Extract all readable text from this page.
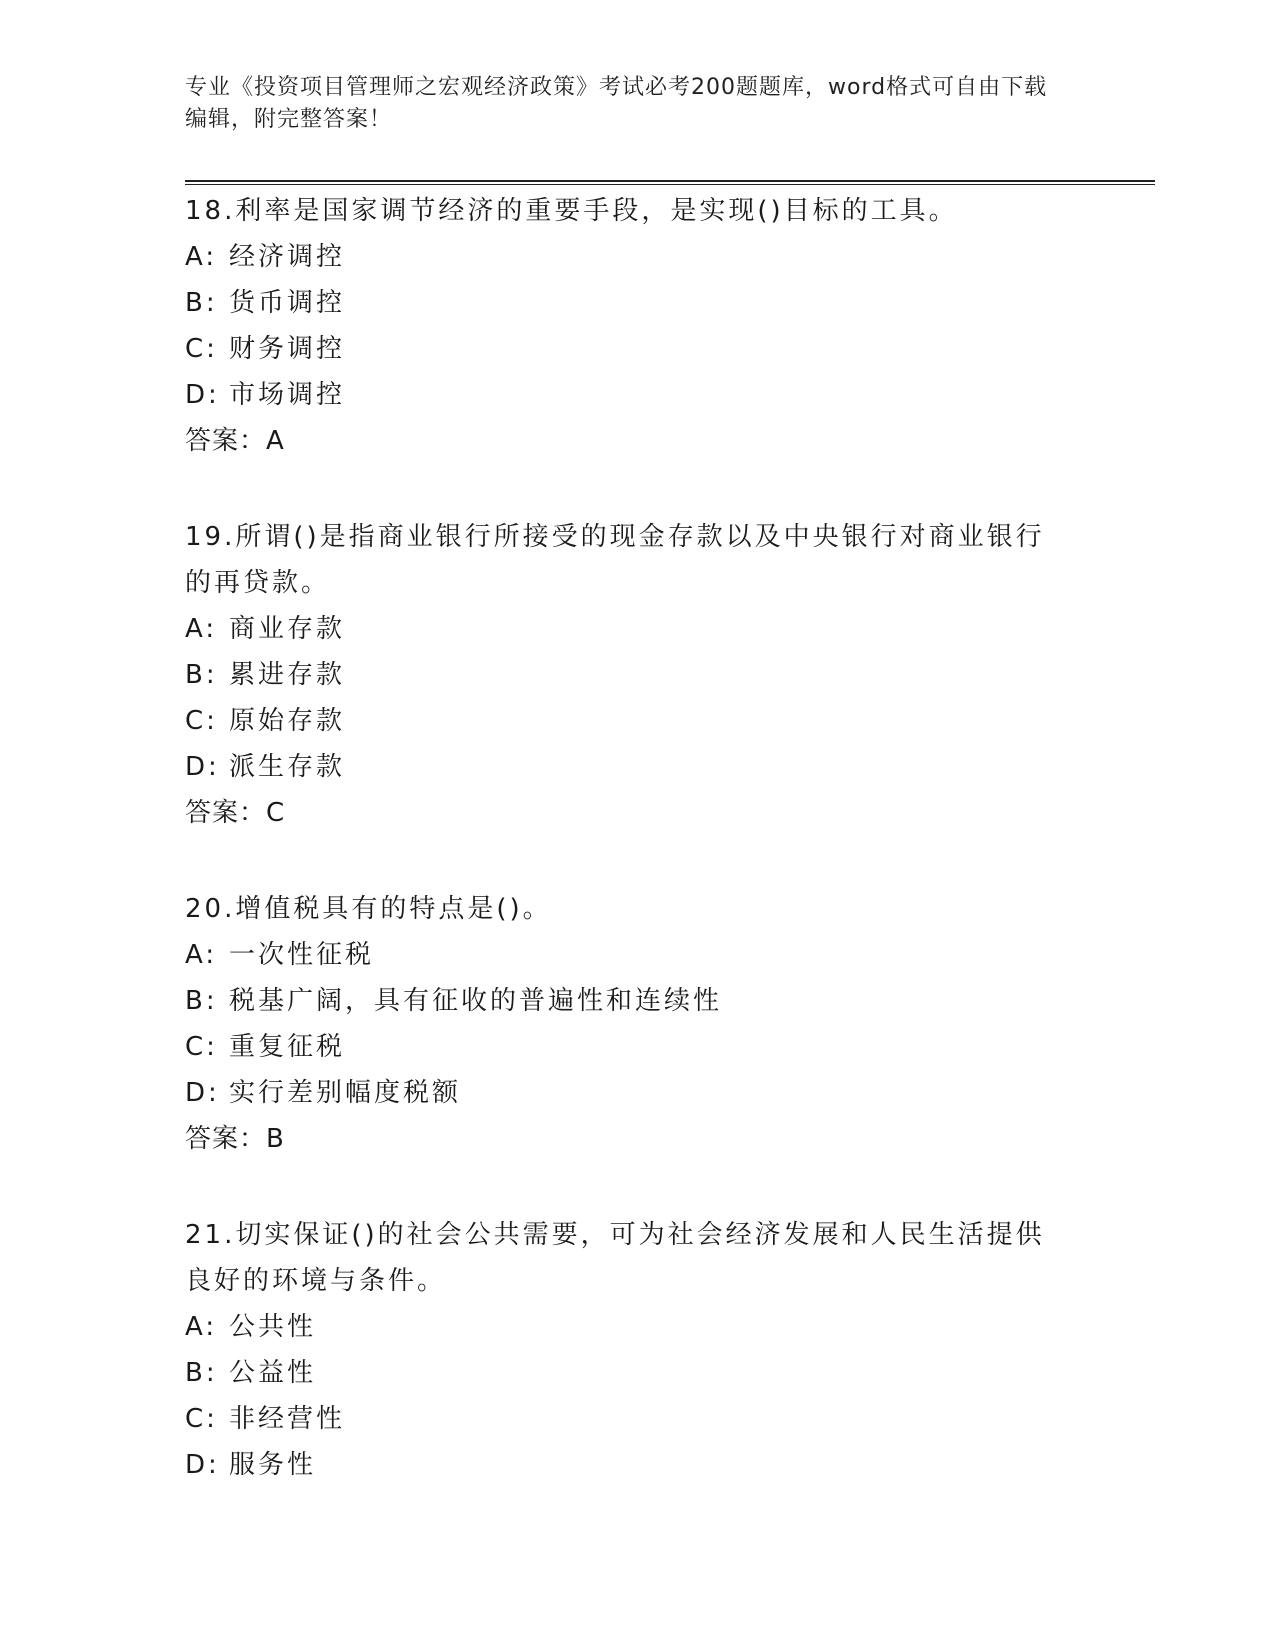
专业《投资项目管理师之宏观经济政策》考试必考200题题库，word格式可自由下载编辑，附完整答案！
18.利率是国家调节经济的重要手段，是实现()目标的工具。
A: 经济调控
B: 货币调控
C: 财务调控
D: 市场调控
答案：A
19.所谓()是指商业银行所接受的现金存款以及中央银行对商业银行的再贷款。
A: 商业存款
B: 累进存款
C: 原始存款
D: 派生存款
答案：C
20.增值税具有的特点是()。
A: 一次性征税
B: 税基广阔，具有征收的普遍性和连续性
C: 重复征税
D: 实行差别幅度税额
答案：B
21.切实保证()的社会公共需要，可为社会经济发展和人民生活提供良好的环境与条件。
A: 公共性
B: 公益性
C: 非经营性
D: 服务性
